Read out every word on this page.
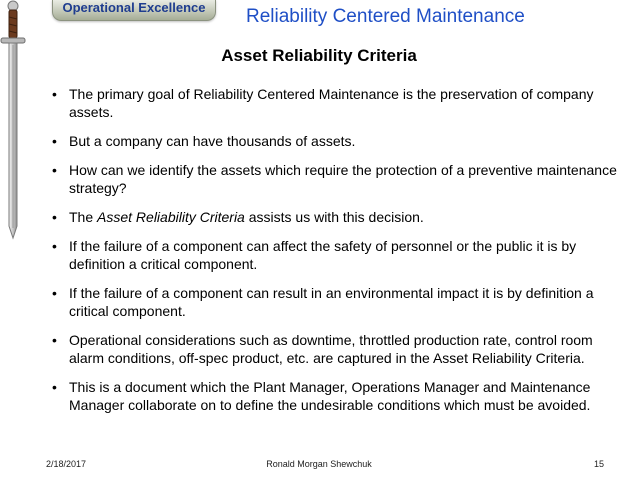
Operational Excellence	Reliability Centered Maintenance
Asset Reliability Criteria
• The primary goal of Reliability Centered Maintenance is the preservation of company assets.
• But a company can have thousands of assets.
• How can we identify the assets which require the protection of a preventive maintenance strategy?
• The Asset Reliability Criteria assists us with this decision.
• If the failure of a component can affect the safety of personnel or the public it is by definition a critical component.
• If the failure of a component can result in an environmental impact it is by definition a critical component.
• Operational considerations such as downtime, throttled production rate, control room alarm conditions, off-spec product, etc. are captured in the Asset Reliability Criteria.
• This is a document which the Plant Manager, Operations Manager and Maintenance Manager collaborate on to define the undesirable conditions which must be avoided.
2/18/2017	Ronald Morgan Shewchuk	15
